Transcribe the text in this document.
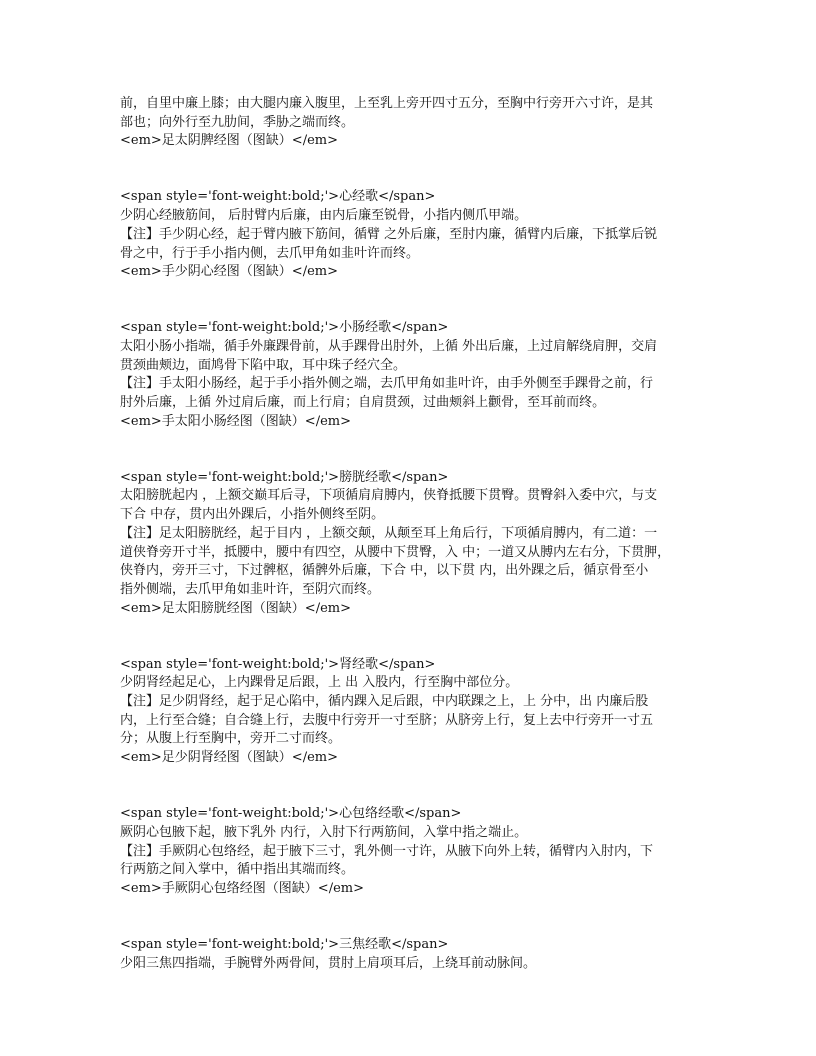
前，自里中廉上膝；由大腿内廉入腹里，上至乳上旁开四寸五分，至胸中行旁开六寸许，是其
部也；向外行至九肋间，季胁之端而终。
<em>足太阴脾经图（图缺）</em>
<span style='font-weight:bold;'>心经歌</span>
少阴心经腋筋间， 后肘臂内后廉，由内后廉至锐骨，小指内侧爪甲端。
【注】手少阴心经，起于臂内腋下筋间，循臂 之外后廉，至肘内廉，循臂内后廉，下抵掌后锐
骨之中，行于手小指内侧，去爪甲角如韭叶许而终。
<em>手少阴心经图（图缺）</em>
<span style='font-weight:bold;'>小肠经歌</span>
太阳小肠小指端，循手外廉踝骨前，从手踝骨出肘外，上循 外出后廉，上过肩解绕肩胛，交肩
贯颈曲颊边，面鸠骨下陷中取，耳中珠子经穴全。
【注】手太阳小肠经，起于手小指外侧之端，去爪甲角如韭叶许，由手外侧至手踝骨之前，行
肘外后廉，上循 外过肩后廉，而上行肩；自肩贯颈，过曲颊斜上颧骨，至耳前而终。
<em>手太阳小肠经图（图缺）</em>
<span style='font-weight:bold;'>膀胱经歌</span>
太阳膀胱起内 ，上额交巅耳后寻，下项循肩肩膊内，侠脊抵腰下贯臀。贯臀斜入委中穴，与支
下合 中存，贯内出外踝后，小指外侧终至阴。
【注】足太阳膀胱经，起于目内 ，上额交颠，从颠至耳上角后行，下项循肩膊内，有二道：一
道侠脊旁开寸半，抵腰中，腰中有四空，从腰中下贯臀，入 中；一道又从膊内左右分，下贯胛，
侠脊内，旁开三寸，下过髀枢，循髀外后廉，下合 中，以下贯 内，出外踝之后，循京骨至小
指外侧端，去爪甲角如韭叶许，至阴穴而终。
<em>足太阳膀胱经图（图缺）</em>
<span style='font-weight:bold;'>肾经歌</span>
少阴肾经起足心，上内踝骨足后跟，上 出 入股内，行至胸中部位分。
【注】足少阴肾经，起于足心陷中，循内踝入足后跟，中内联踝之上，上 分中，出 内廉后股
内，上行至合缝；自合缝上行，去腹中行旁开一寸至脐；从脐旁上行，复上去中行旁开一寸五
分；从腹上行至胸中，旁开二寸而终。
<em>足少阴肾经图（图缺）</em>
<span style='font-weight:bold;'>心包络经歌</span>
厥阴心包腋下起，腋下乳外 内行，入肘下行两筋间，入掌中指之端止。
【注】手厥阴心包络经，起于腋下三寸，乳外侧一寸许，从腋下向外上转，循臂内入肘内，下
行两筋之间入掌中，循中指出其端而终。
<em>手厥阴心包络经图（图缺）</em>
<span style='font-weight:bold;'>三焦经歌</span>
少阳三焦四指端，手腕臂外两骨间，贯肘上肩项耳后，上绕耳前动脉间。
